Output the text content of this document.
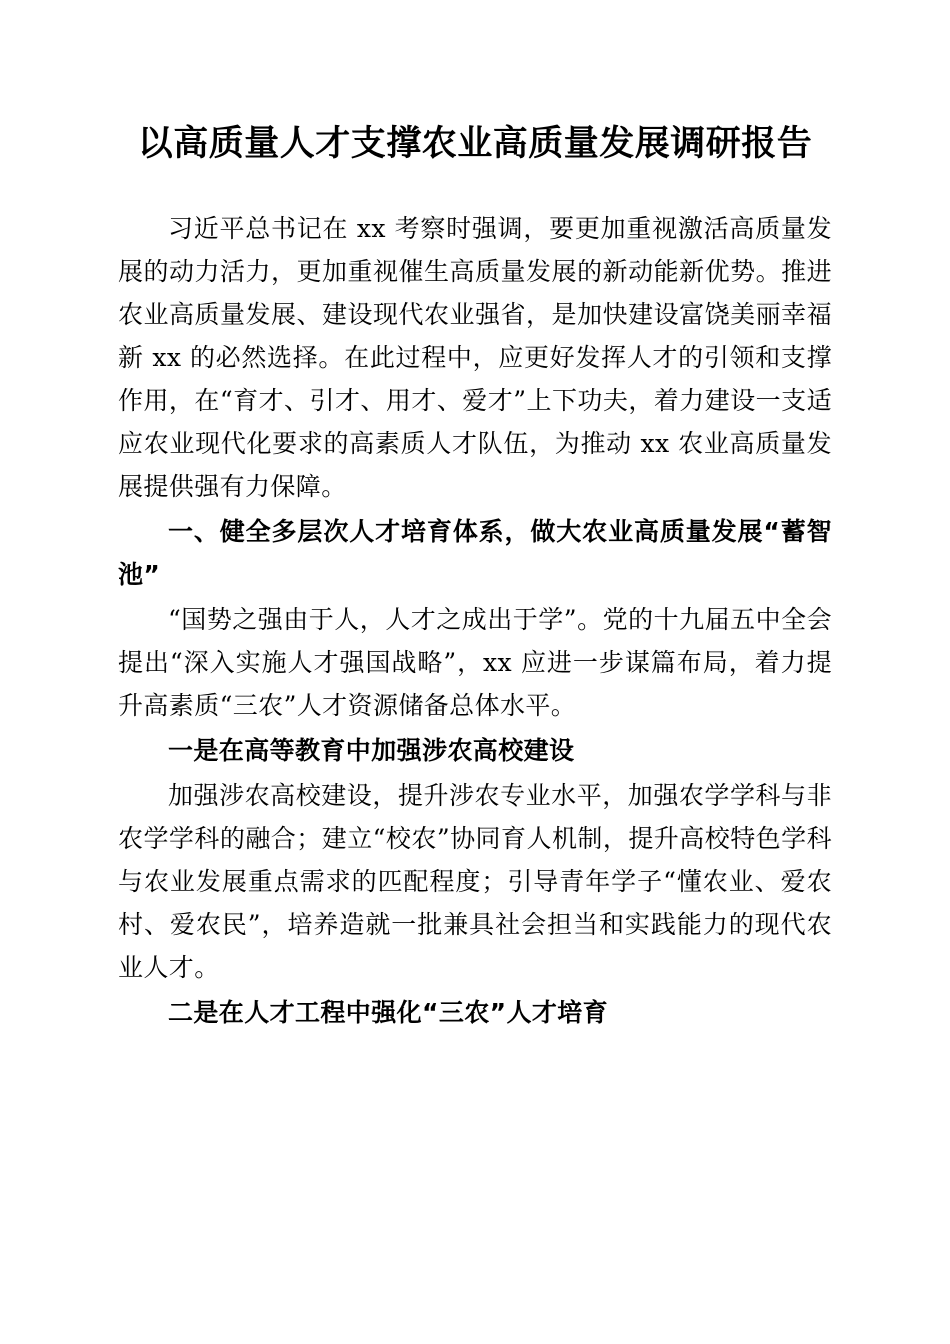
以高质量人才支撑农业高质量发展调研报告

习近平总书记在 xx 考察时强调，要更加重视激活高质量发展的动力活力，更加重视催生高质量发展的新动能新优势。推进农业高质量发展、建设现代农业强省，是加快建设富饶美丽幸福新 xx 的必然选择。在此过程中，应更好发挥人才的引领和支撑作用，在“育才、引才、用才、爱才”上下功夫，着力建设一支适应农业现代化要求的高素质人才队伍，为推动 xx 农业高质量发展提供强有力保障。

一、健全多层次人才培育体系，做大农业高质量发展“蓄智池”

“国势之强由于人，人才之成出于学”。党的十九届五中全会提出“深入实施人才强国战略”，xx 应进一步谋篇布局，着力提升高素质“三农”人才资源储备总体水平。

一是在高等教育中加强涉农高校建设

加强涉农高校建设，提升涉农专业水平，加强农学学科与非农学学科的融合；建立“校农”协同育人机制，提升高校特色学科与农业发展重点需求的匹配程度；引导青年学子“懂农业、爱农村、爱农民”，培养造就一批兼具社会担当和实践能力的现代农业人才。

二是在人才工程中强化“三农”人才培育
